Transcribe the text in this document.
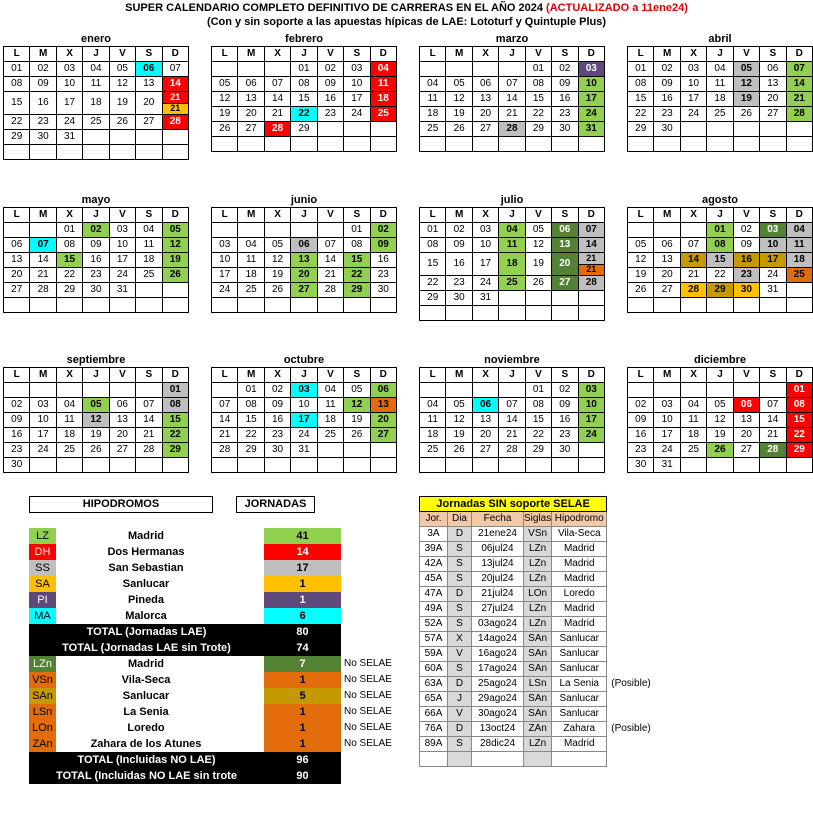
SUPER CALENDARIO COMPLETO DEFINITIVO DE CARRERAS EN EL AÑO 2024 (ACTUALIZADO a 11ene24)
(Con y sin soporte a las apuestas hípicas de LAE: Lototurf y Quintuple Plus)
enero
L	M	X	J	V	S	D
01	02	03	04	05	06	07
08	09	10	11	12	13	14
15	16	17	18	19	20	21
						21
22	23	24	25	26	27	28
29	30	31				

febrero
L	M	X	J	V	S	D
			01	02	03	04
05	06	07	08	09	10	11
12	13	14	15	16	17	18
19	20	21	22	23	24	25
26	27	28	29			

marzo
L	M	X	J	V	S	D
				01	02	03
04	05	06	07	08	09	10
11	12	13	14	15	16	17
18	19	20	21	22	23	24
25	26	27	28	29	30	31

abril
L	M	X	J	V	S	D
01	02	03	04	05	06	07
08	09	10	11	12	13	14
15	16	17	18	19	20	21
22	23	24	25	26	27	28
29	30					

mayo
L	M	X	J	V	S	D
		01	02	03	04	05
06	07	08	09	10	11	12
13	14	15	16	17	18	19
20	21	22	23	24	25	26
27	28	29	30	31		

junio
L	M	X	J	V	S	D
					01	02
03	04	05	06	07	08	09
10	11	12	13	14	15	16
17	18	19	20	21	22	23
24	25	26	27	28	29	30

julio
L	M	X	J	V	S	D
01	02	03	04	05	06	07
08	09	10	11	12	13	14
15	16	17	18	19	20	21
						21
22	23	24	25	26	27	28
29	30	31				

agosto
L	M	X	J	V	S	D
			01	02	03	04
05	06	07	08	09	10	11
12	13	14	15	16	17	18
19	20	21	22	23	24	25
26	27	28	29	30	31	

septiembre
L	M	X	J	V	S	D
						01
02	03	04	05	06	07	08
09	10	11	12	13	14	15
16	17	18	19	20	21	22
23	24	25	26	27	28	29
30						
octubre
L	M	X	J	V	S	D
	01	02	03	04	05	06
07	08	09	10	11	12	13
14	15	16	17	18	19	20
21	22	23	24	25	26	27
28	29	30	31			

noviembre
L	M	X	J	V	S	D
				01	02	03
04	05	06	07	08	09	10
11	12	13	14	15	16	17
18	19	20	21	22	23	24
25	26	27	28	29	30	

diciembre
L	M	X	J	V	S	D
						01
02	03	04	05	06	07	08
09	10	11	12	13	14	15
16	17	18	19	20	21	22
23	24	25	26	27	28	29
30	31					
HIPODROMOS	JORNADAS
LZ	Madrid		41	
DH	Dos Hermanas		14	
SS	San Sebastian		17	
SA	Sanlucar		1	
PI	Pineda		1	
MA	Malorca		6	
TOTAL (Jornadas LAE)			80	
TOTAL (Jornadas LAE sin Trote)			74	
LZn	Madrid		7	No SELAE
VSn	Vila-Seca		1	No SELAE
SAn	Sanlucar		5	No SELAE
LSn	La Senia		1	No SELAE
LOn	Loredo		1	No SELAE
ZAn	Zahara de los Atunes		1	No SELAE
TOTAL (Incluidas NO LAE)			96	
TOTAL (Incluidas NO LAE sin trote			90	
Jornadas SIN soporte SELAE					
Jor.	Dia	Fecha	Siglas	Hipodromo	
3A	D	21ene24	VSn	Vila-Seca	
39A	S	06jul24	LZn	Madrid	
42A	S	13jul24	LZn	Madrid	
45A	S	20jul24	LZn	Madrid	
47A	D	21jul24	LOn	Loredo	
49A	S	27jul24	LZn	Madrid	
52A	S	03ago24	LZn	Madrid	
57A	X	14ago24	SAn	Sanlucar	
59A	V	16ago24	SAn	Sanlucar	
60A	S	17ago24	SAn	Sanlucar	
63A	D	25ago24	LSn	La Senia	(Posible)
65A	J	29ago24	SAn	Sanlucar	
66A	V	30ago24	SAn	Sanlucar	
76A	D	13oct24	ZAn	Zahara	(Posible)
89A	S	28dic24	LZn	Madrid	
